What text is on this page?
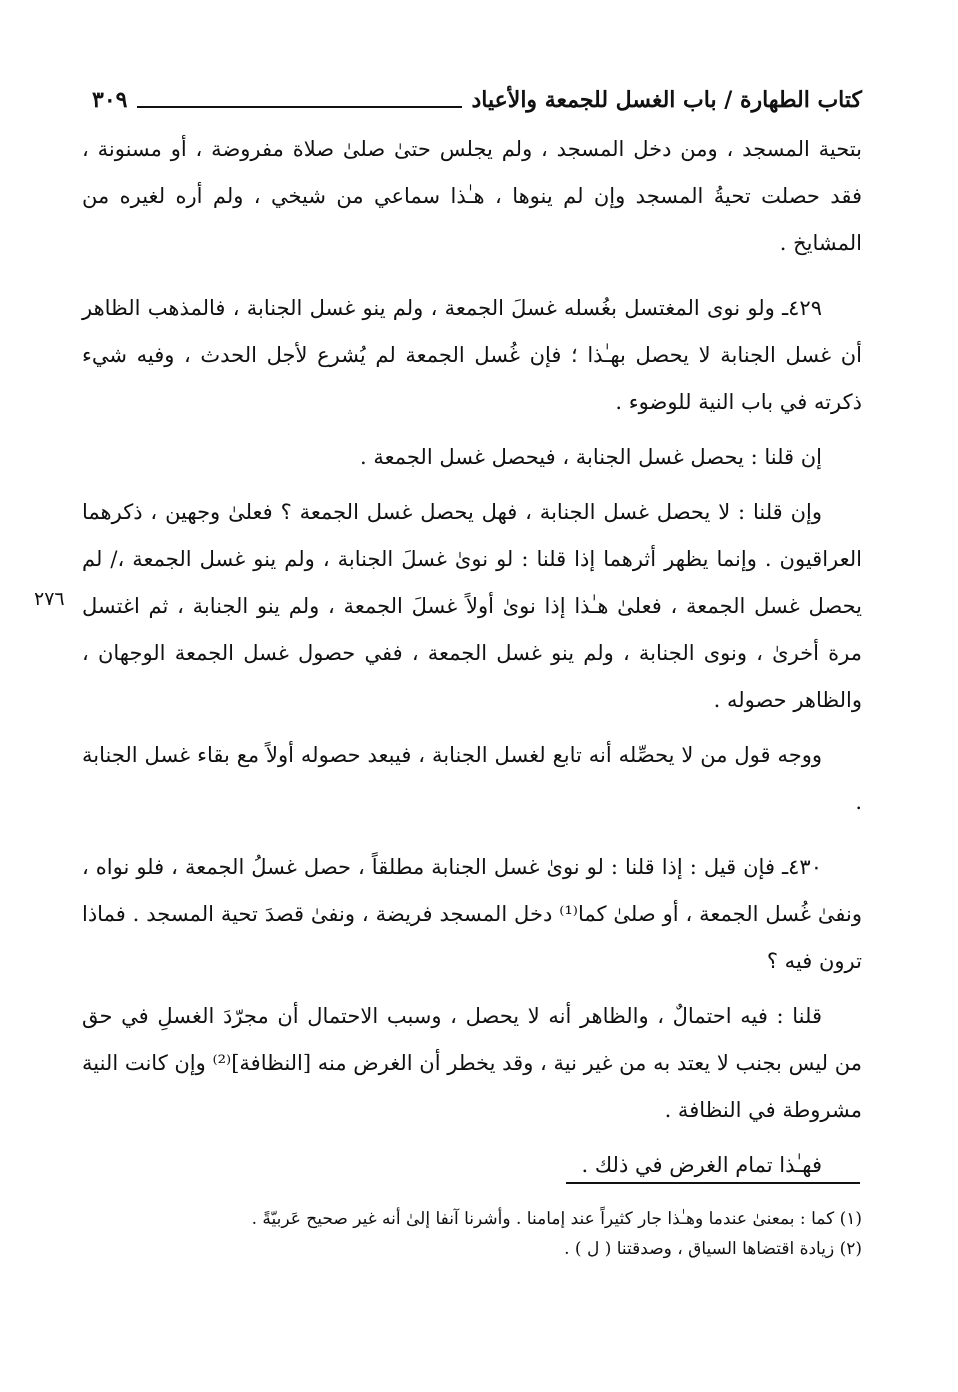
كتاب الطهارة / باب الغسل للجمعة والأعياد
٣٠٩

بتحية المسجد ، ومن دخل المسجد ، ولم يجلس حتىٰ صلىٰ صلاة مفروضة ، أو مسنونة ، فقد حصلت تحيةُ المسجد وإن لم ينوها ، هـٰذا سماعي من شيخي ، ولم أره لغيره من المشايخ .

٤٢٩ـ ولو نوى المغتسل بغُسله غسلَ الجمعة ، ولم ينو غسل الجنابة ، فالمذهب الظاهر أن غسل الجنابة لا يحصل بهـٰذا ؛ فإن غُسل الجمعة لم يُشرع لأجل الحدث ، وفيه شيء ذكرته في باب النية للوضوء .

إن قلنا : يحصل غسل الجنابة ، فيحصل غسل الجمعة .

وإن قلنا : لا يحصل غسل الجنابة ، فهل يحصل غسل الجمعة ؟ فعلىٰ وجهين ، ذكرهما العراقيون . وإنما يظهر أثرهما إذا قلنا : لو نوىٰ غسلَ الجنابة ، ولم ينو غسل الجمعة ،/ لم يحصل غسل الجمعة ، فعلىٰ هـٰذا إذا نوىٰ أولاً غسلَ الجمعة ، ولم ينو الجنابة ، ثم اغتسل مرة أخرىٰ ، ونوى الجنابة ، ولم ينو غسل الجمعة ، ففي حصول غسل الجمعة الوجهان ، والظاهر حصوله .

ووجه قول من لا يحصِّله أنه تابع لغسل الجنابة ، فيبعد حصوله أولاً مع بقاء غسل الجنابة .

٤٣٠ـ فإن قيل : إذا قلنا : لو نوىٰ غسل الجنابة مطلقاً ، حصل غسلُ الجمعة ، فلو نواه ، ونفىٰ غُسل الجمعة ، أو صلىٰ كما⁽¹⁾ دخل المسجد فريضة ، ونفىٰ قصدَ تحية المسجد . فماذا ترون فيه ؟

قلنا : فيه احتمالٌ ، والظاهر أنه لا يحصل ، وسبب الاحتمال أن مجرّدَ الغسلِ في حق من ليس بجنب لا يعتد به من غير نية ، وقد يخطر أن الغرض منه [النظافة]⁽²⁾ وإن كانت النية مشروطة في النظافة .

فهـٰذا تمام الغرض في ذلك .

٢٧٦
(١) كما : بمعنىٰ عندما وهـٰذا جار كثيراً عند إمامنا . وأشرنا آنفا إلىٰ أنه غير صحيح عَربيّةً .
(٢) زيادة اقتضاها السياق ، وصدقتنا ( ل ) .
